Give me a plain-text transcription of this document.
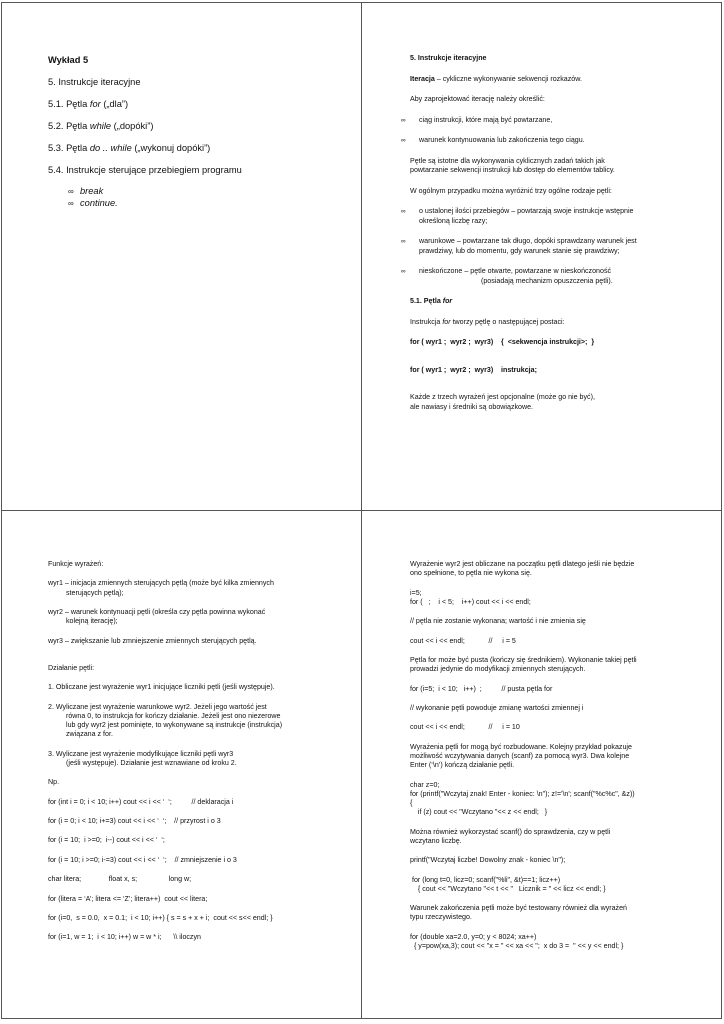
Wykład 5

5. Instrukcje iteracyjne

5.1. Pętla for („dla”)

5.2. Pętla while („dopóki”)

5.3. Pętla do .. while („wykonuj dopóki”)

5.4. Instrukcje sterujące przebiegiem programu

∞ break

∞ continue.

5. Instrukcje iteracyjne

Iteracja – cykliczne wykonywanie sekwencji rozkazów.

Aby zaprojektować iterację należy określić:

∞ ciąg instrukcji, które mają być powtarzane,

∞ warunek kontynuowania lub zakończenia tego ciągu.

Pętle są istotne dla wykonywania cyklicznych zadań takich jak
powtarzanie sekwencji instrukcji lub dostęp do elementów tablicy.

W ogólnym przypadku można wyróżnić trzy ogólne rodzaje pętli:

∞ o ustalonej ilości przebiegów – powtarzają swoje instrukcje wstępnie
określoną liczbę razy;

∞ warunkowe – powtarzane tak długo, dopóki sprawdzany warunek jest
prawdziwy, lub do momentu, gdy warunek stanie się prawdziwy;

∞ nieskończone – pętle otwarte, powtarzane w nieskończoność
(posiadają mechanizm opuszczenia pętli).

5.1. Pętla for

Instrukcja for tworzy pętlę o następującej postaci:

for ( wyr1 ;  wyr2 ;  wyr3)    {  <sekwencja instrukcji>;  }

for ( wyr1 ;  wyr2 ;  wyr3)    instrukcja;

Każde z trzech wyrażeń jest opcjonalne (może go nie być),
ale nawiasy i średniki są obowiązkowe.

Funkcje wyrażeń:

wyr1 – inicjacja zmiennych sterujących pętlą (może być kilka zmiennych
sterujących pętlą);

wyr2 – warunek kontynuacji pętli (określa czy pętla powinna wykonać
kolejną iterację);

wyr3 – zwiększanie lub zmniejszenie zmiennych sterujących pętlą.

Działanie pętli:

1. Obliczane jest wyrażenie wyr1 inicjujące liczniki pętli (jeśli występuje).

2. Wyliczane jest wyrażenie warunkowe wyr2. Jeżeli jego wartość jest
równa 0, to instrukcja for kończy działanie. Jeżeli jest ono niezerowe
lub gdy wyr2 jest pominięte, to wykonywane są instrukcje (instrukcja)
związana z for.

3. Wyliczane jest wyrażenie modyfikujące liczniki pętli wyr3
(jeśli występuje). Działanie jest wznawiane od kroku 2.

Np.

for (int i = 0; i < 10; i++) cout << i << ‘  ‘;          // deklaracja i

for (i = 0; i < 10; i+=3) cout << i << ‘  ‘;    // przyrost i o 3

for (i = 10;  i >=0;  i--) cout << i << ‘  ‘;

for (i = 10; i >=0; i-=3) cout << i << ‘  ‘;    // zmniejszenie i o 3

char litera;              float x, s;                long w;

for (litera = ‘A’; litera <= ‘Z’; litera++)  cout << litera;

for (i=0,  s = 0.0,  x = 0.1;  i < 10; i++) { s = s + x + i;  cout << s<< endl; }

for (i=1, w = 1;  i < 10; i++) w = w * i;      \\ iloczyn

Wyrażenie wyr2 jest obliczane na początku pętli dlatego jeśli nie będzie
ono spełnione, to pętla nie wykona się.

i=5;
for (   ;    i < 5;    i++) cout << i << endl;

// pętla nie zostanie wykonana; wartość i nie zmienia się

cout << i << endl;            //     i = 5

Pętla for może być pusta (kończy się średnikiem). Wykonanie takiej pętli
prowadzi jedynie do modyfikacji zmiennych sterujących.

for (i=5;  i < 10;   i++)  ;          // pusta pętla for

// wykonanie pętli powoduje zmianę wartości zmiennej i

cout << i << endl;            //     i = 10

Wyrażenia pętli for mogą być rozbudowane. Kolejny przykład pokazuje
możliwość wczytywania danych (scanf) za pomocą wyr3. Dwa kolejne
Enter (‘\n’) kończą działanie pętli.

char z=0;
for (printf("Wczytaj znak! Enter - koniec: \n"); z!='\n'; scanf("%c%c", &z))
{
if (z) cout << "Wczytano "<< z << endl;   }

Można również wykorzystać scanf() do sprawdzenia, czy w pętli
wczytano liczbę.

printf("Wczytaj liczbe! Dowolny znak - koniec \n");

for (long t=0, licz=0; scanf("%li", &t)==1; licz++)
{ cout << "Wczytano "<< t << "   Licznik = " << licz << endl; }

Warunek zakończenia pętli może być testowany również dla wyrażeń
typu rzeczywistego.

for (double xa=2.0, y=0; y < 8024; xa++)
{ y=pow(xa,3); cout << "x = " << xa << ";  x do 3 =  " << y << endl; }
